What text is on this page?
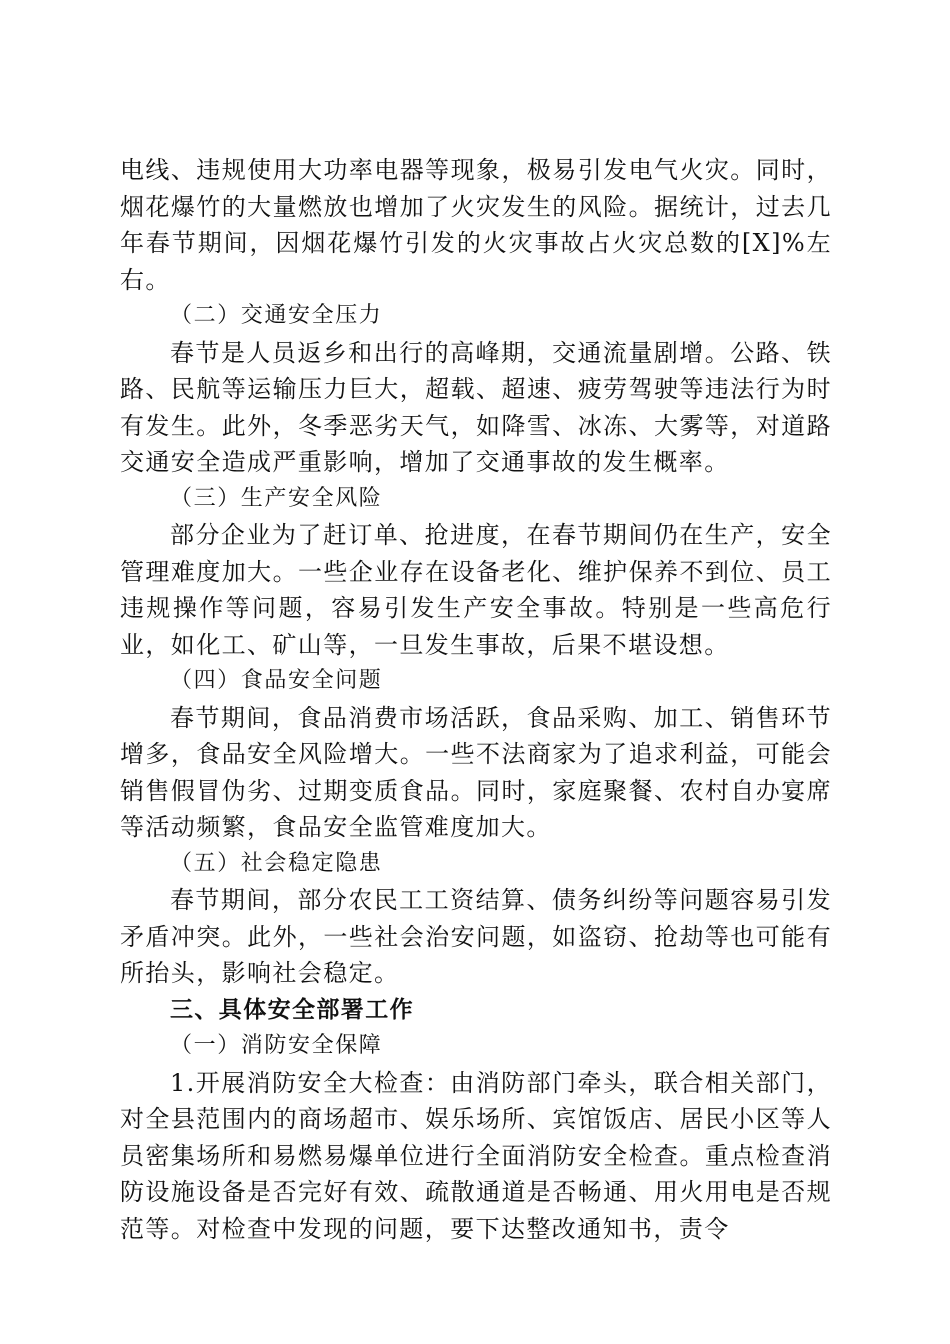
电线、违规使用大功率电器等现象，极易引发电气火灾。同时，烟花爆竹的大量燃放也增加了火灾发生的风险。据统计，过去几年春节期间，因烟花爆竹引发的火灾事故占火灾总数的[X]%左右。

（二）交通安全压力

春节是人员返乡和出行的高峰期，交通流量剧增。公路、铁路、民航等运输压力巨大，超载、超速、疲劳驾驶等违法行为时有发生。此外，冬季恶劣天气，如降雪、冰冻、大雾等，对道路交通安全造成严重影响，增加了交通事故的发生概率。

（三）生产安全风险

部分企业为了赶订单、抢进度，在春节期间仍在生产，安全管理难度加大。一些企业存在设备老化、维护保养不到位、员工违规操作等问题，容易引发生产安全事故。特别是一些高危行业，如化工、矿山等，一旦发生事故，后果不堪设想。

（四）食品安全问题

春节期间，食品消费市场活跃，食品采购、加工、销售环节增多，食品安全风险增大。一些不法商家为了追求利益，可能会销售假冒伪劣、过期变质食品。同时，家庭聚餐、农村自办宴席等活动频繁，食品安全监管难度加大。

（五）社会稳定隐患

春节期间，部分农民工工资结算、债务纠纷等问题容易引发矛盾冲突。此外，一些社会治安问题，如盗窃、抢劫等也可能有所抬头，影响社会稳定。

三、具体安全部署工作

（一）消防安全保障

1.开展消防安全大检查：由消防部门牵头，联合相关部门，对全县范围内的商场超市、娱乐场所、宾馆饭店、居民小区等人员密集场所和易燃易爆单位进行全面消防安全检查。重点检查消防设施设备是否完好有效、疏散通道是否畅通、用火用电是否规范等。对检查中发现的问题，要下达整改通知书，责令
